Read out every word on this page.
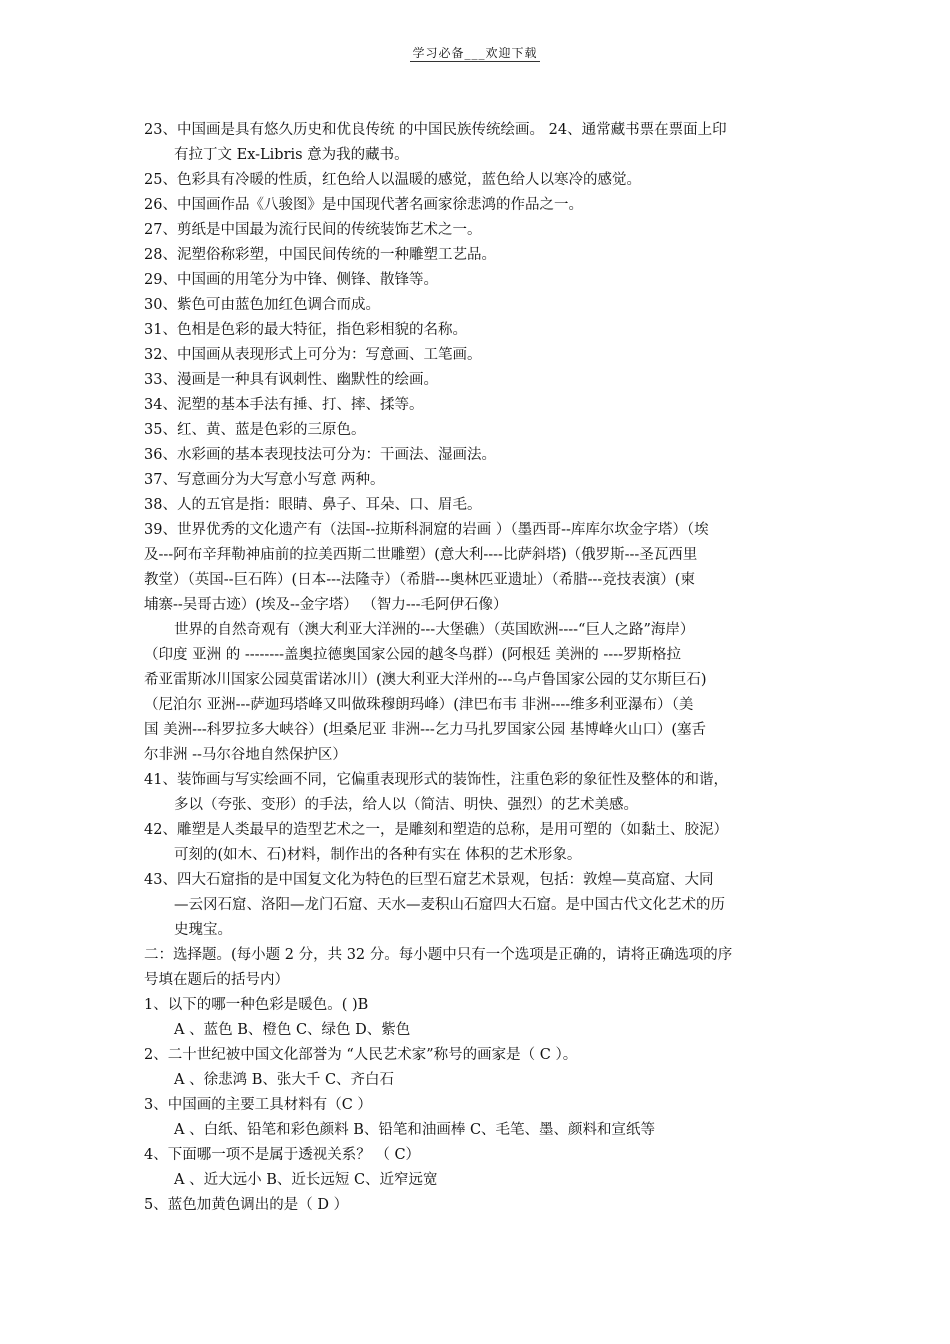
学习必备___欢迎下载
23、中国画是具有悠久历史和优良传统 的中国民族传统绘画。 24、通常藏书票在票面上印
有拉丁文 Ex-Libris 意为我的藏书。
25、色彩具有冷暖的性质，红色给人以温暖的感觉，蓝色给人以寒冷的感觉。
26、中国画作品《八骏图》是中国现代著名画家徐悲鸿的作品之一。
27、剪纸是中国最为流行民间的传统装饰艺术之一。
28、泥塑俗称彩塑，中国民间传统的一种雕塑工艺品。
29、中国画的用笔分为中锋、侧锋、散锋等。
30、紫色可由蓝色加红色调合而成。
31、色相是色彩的最大特征，指色彩相貌的名称。
32、中国画从表现形式上可分为：写意画、工笔画。
33、漫画是一种具有讽刺性、幽默性的绘画。
34、泥塑的基本手法有捶、打、摔、揉等。
35、红、黄、蓝是色彩的三原色。
36、水彩画的基本表现技法可分为：干画法、湿画法。
37、写意画分为大写意小写意 两种。
38、人的五官是指：眼睛、鼻子、耳朵、口、眉毛。
39、世界优秀的文化遗产有（法国--拉斯科洞窟的岩画 ）（墨西哥--库库尔坎金字塔）（埃
及---阿布辛拜勒神庙前的拉美西斯二世雕塑）(意大利----比萨斜塔)（俄罗斯---圣瓦西里
教堂）（英国--巨石阵）(日本---法隆寺）（希腊---奥林匹亚遗址）（希腊---竞技表演）(柬
埔寨--吴哥古迹）(埃及--金字塔） （智力---毛阿伊石像）
世界的自然奇观有（澳大利亚大洋洲的---大堡礁）（英国欧洲----“巨人之路”海岸）
（印度 亚洲 的 --------盖奥拉德奥国家公园的越冬鸟群）(阿根廷 美洲的 ----罗斯格拉
希亚雷斯冰川国家公园莫雷诺冰川）(澳大利亚大洋州的---乌卢鲁国家公园的艾尔斯巨石)
（尼泊尔 亚洲---萨迦玛塔峰又叫做珠穆朗玛峰）(津巴布韦 非洲----维多利亚瀑布）（美
国 美洲---科罗拉多大峡谷）(坦桑尼亚 非洲---乞力马扎罗国家公园 基博峰火山口）(塞舌
尔非洲 --马尔谷地自然保护区）
41、装饰画与写实绘画不同，它偏重表现形式的装饰性，注重色彩的象征性及整体的和谐，
多以（夸张、变形）的手法，给人以（简洁、明快、强烈）的艺术美感。
42、雕塑是人类最早的造型艺术之一，是雕刻和塑造的总称，是用可塑的（如黏土、胶泥）
可刻的(如木、石)材料，制作出的各种有实在 体积的艺术形象。
43、四大石窟指的是中国复文化为特色的巨型石窟艺术景观，包括：敦煌—莫高窟、大同
—云冈石窟、洛阳—龙门石窟、天水—麦积山石窟四大石窟。是中国古代文化艺术的历
史瑰宝。
二：选择题。(每小题 2 分，共 32 分。每小题中只有一个选项是正确的，请将正确选项的序
号填在题后的括号内）
1、以下的哪一种色彩是暖色。( )B
A 、蓝色 B、橙色 C、绿色 D、紫色
2、二十世纪被中国文化部誉为 “人民艺术家”称号的画家是（ C ）。
A 、徐悲鸿 B、张大千 C、齐白石
3、中国画的主要工具材料有（C ）
A 、白纸、铅笔和彩色颜料 B、铅笔和油画棒 C、毛笔、墨、颜料和宣纸等
4、下面哪一项不是属于透视关系？ （ C）
A 、近大远小 B、近长远短 C、近窄远宽
5、蓝色加黄色调出的是（ D ）
